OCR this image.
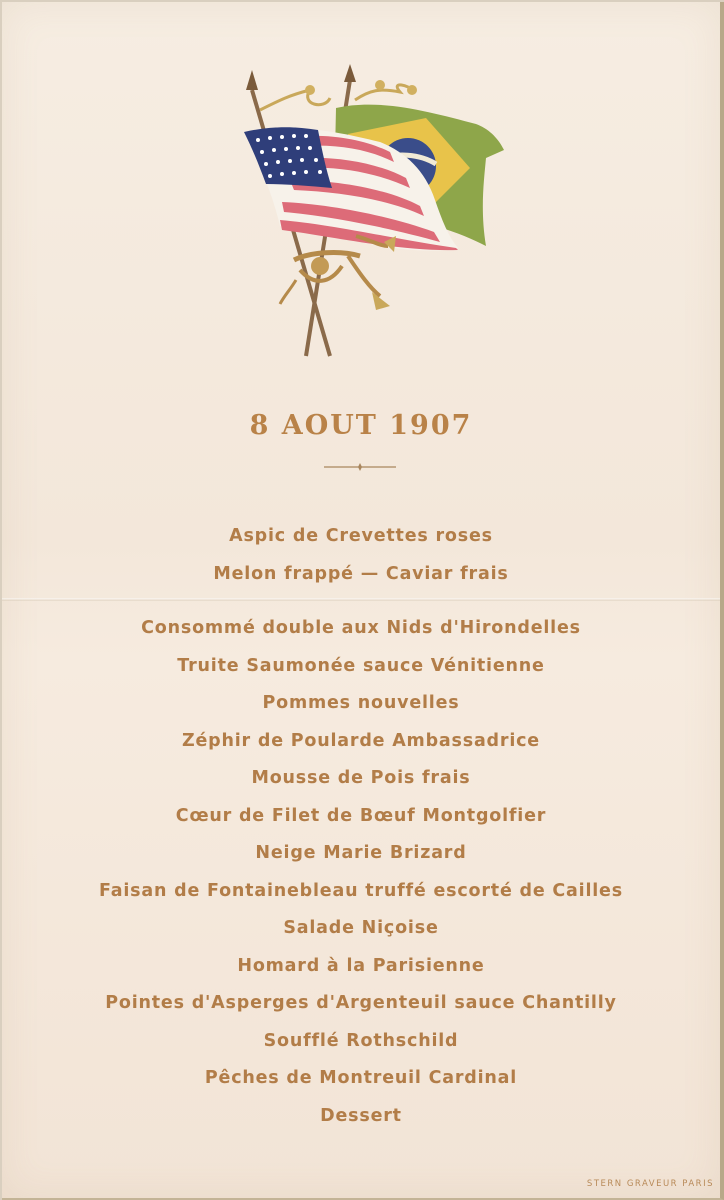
8 AOUT 1907
Aspic de Crevettes roses
Melon frappé — Caviar frais
Consommé double aux Nids d'Hirondelles
Truite Saumonée sauce Vénitienne
Pommes nouvelles
Zéphir de Poularde Ambassadrice
Mousse de Pois frais
Cœur de Filet de Bœuf Montgolfier
Neige Marie Brizard
Faisan de Fontainebleau truffé escorté de Cailles
Salade Niçoise
Homard à la Parisienne
Pointes d'Asperges d'Argenteuil sauce Chantilly
Soufflé Rothschild
Pêches de Montreuil Cardinal
Dessert
STERN GRAVEUR PARIS
